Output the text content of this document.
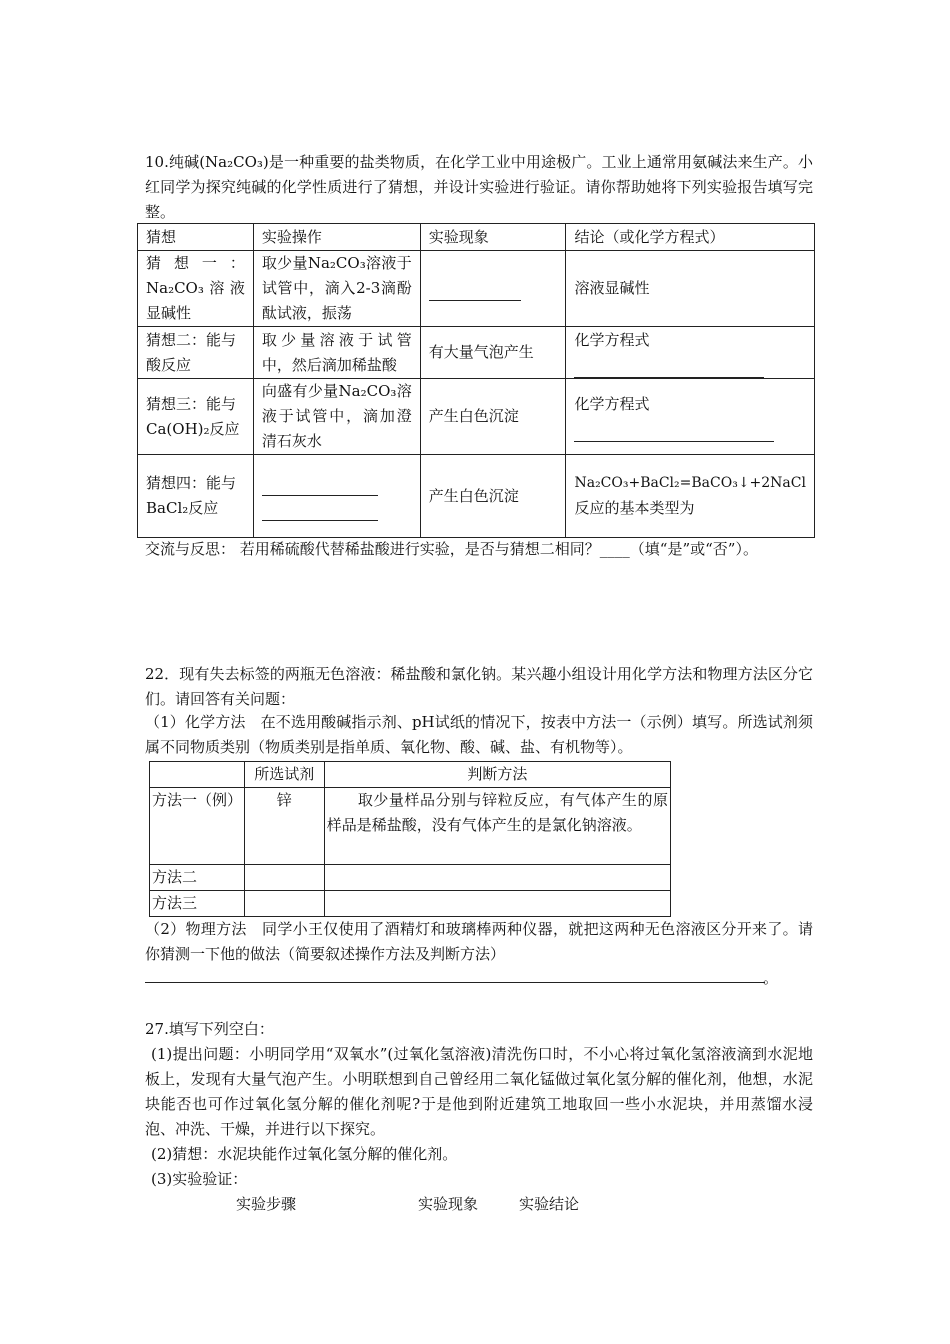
10.纯碱(Na₂CO₃)是一种重要的盐类物质，在化学工业中用途极广。工业上通常用氨碱法来生产。小红同学为探究纯碱的化学性质进行了猜想，并设计实验进行验证。请你帮助她将下列实验报告填写完整。
猜想	实验操作	实验现象	结论（或化学方程式）
猜想一：Na₂CO₃溶液显碱性	取少量Na₂CO₃溶液于试管中，滴入2-3滴酚酞试液，振荡		溶液显碱性
猜想二：能与酸反应	取少量溶液于试管中，然后滴加稀盐酸	有大量气泡产生	化学方程式

猜想三：能与Ca(OH)₂反应	向盛有少量Na₂CO₃溶液于试管中，滴加澄清石灰水	产生白色沉淀	化学方程式

猜想四：能与BaCl₂反应		产生白色沉淀	Na₂CO₃+BaCl₂=BaCO₃↓+2NaCl
反应的基本类型为
交流与反思： 若用稀硫酸代替稀盐酸进行实验，是否与猜想二相同？____（填“是”或“否”）。
22．现有失去标签的两瓶无色溶液：稀盐酸和氯化钠。某兴趣小组设计用化学方法和物理方法区分它们。请回答有关问题：
（1）化学方法　在不选用酸碱指示剂、pH试纸的情况下，按表中方法一（示例）填写。所选试剂须属不同物质类别（物质类别是指单质、氧化物、酸、碱、盐、有机物等）。
	所选试剂	判断方法
方法一（例）	锌	　　取少量样品分别与锌粒反应，有气体产生的原样品是稀盐酸，没有气体产生的是氯化钠溶液。
方法二		
方法三		
（2）物理方法　同学小王仅使用了酒精灯和玻璃棒两种仪器，就把这两种无色溶液区分开来了。请你猜测一下他的做法（简要叙述操作方法及判断方法）
。
27.填写下列空白：
(1)提出问题：小明同学用“双氧水”(过氧化氢溶液)清洗伤口时，不小心将过氧化氢溶液滴到水泥地板上，发现有大量气泡产生。小明联想到自己曾经用二氧化锰做过氧化氢分解的催化剂，他想，水泥块能否也可作过氧化氢分解的催化剂呢?于是他到附近建筑工地取回一些小水泥块，并用蒸馏水浸泡、冲洗、干燥，并进行以下探究。
(2)猜想：水泥块能作过氧化氢分解的催化剂。
(3)实验验证：
实验步骤	实验现象	实验结论
